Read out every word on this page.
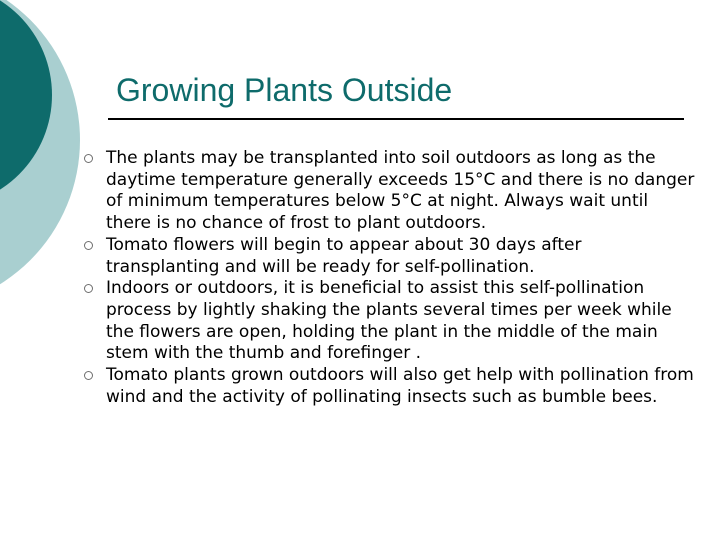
Growing Plants Outside
The plants may be transplanted into soil outdoors as long as the daytime temperature generally exceeds 15°C and there is no danger of minimum temperatures below 5°C at night. Always wait until there is no chance of frost to plant outdoors.
Tomato flowers will begin to appear about 30 days after transplanting and will be ready for self-pollination.
Indoors or outdoors, it is beneficial to assist this self-pollination process by lightly shaking the plants several times per week while the flowers are open, holding the plant in the middle of the main stem with the thumb and forefinger .
Tomato plants grown outdoors will also get help with pollination from wind and the activity of pollinating insects such as bumble bees.
